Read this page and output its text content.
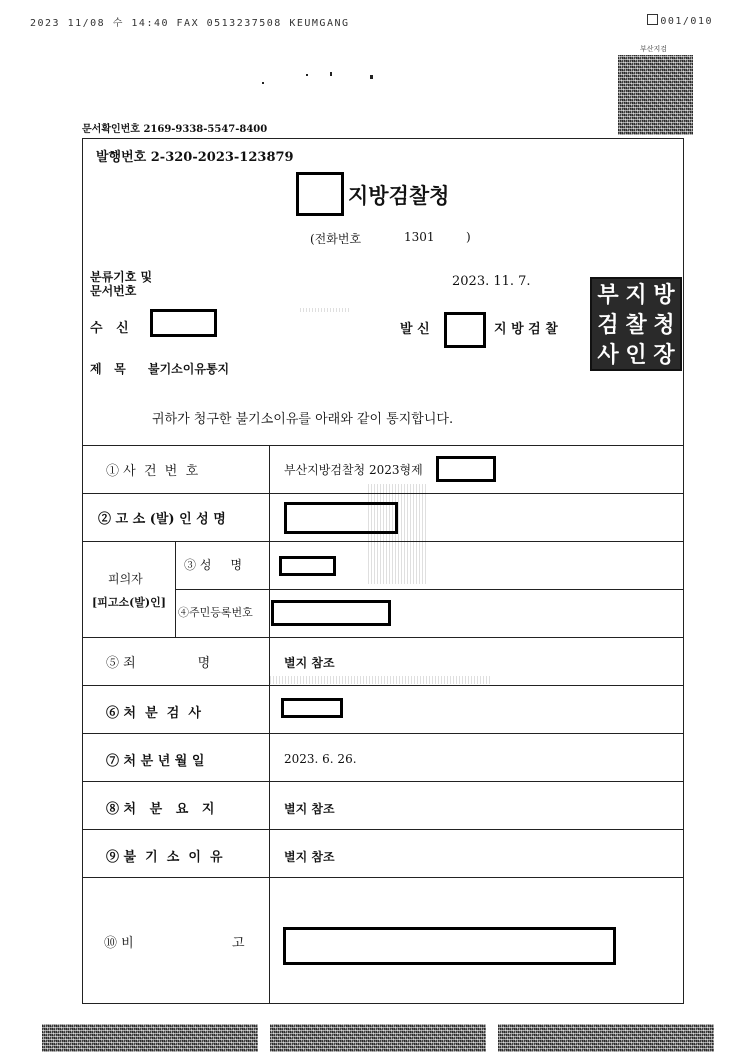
2023 11/08 수 14:40 FAX 0513237508 KEUMGANG	001/010
부산지검
문서확인번호 2169-9338-5547-8400
발행번호 2-320-2023-123879
지방검찰청
(전화번호	1301	)
분류기호 및
문서번호
2023. 11. 7.
수   신	발 신	지 방 검 찰
부 지 방
검 찰 청
사 인 장
제   목 불기소이유통지
귀하가 청구한 불기소이유를 아래와 같이 통지합니다.
① 사  건  번  호	부산지방검찰청 2023형제
② 고 소 (발) 인 성 명
피의자
[피고소(발)인]
③ 성     명
④주민등록번호
⑤ 죄               명	별지 참조
⑥ 처  분  검  사
⑦ 처 분 년 월 일	2023. 6. 26.
⑧ 처   분   요   지	별지 참조
⑨ 불  기  소  이  유	별지 참조
⑩ 비	고
